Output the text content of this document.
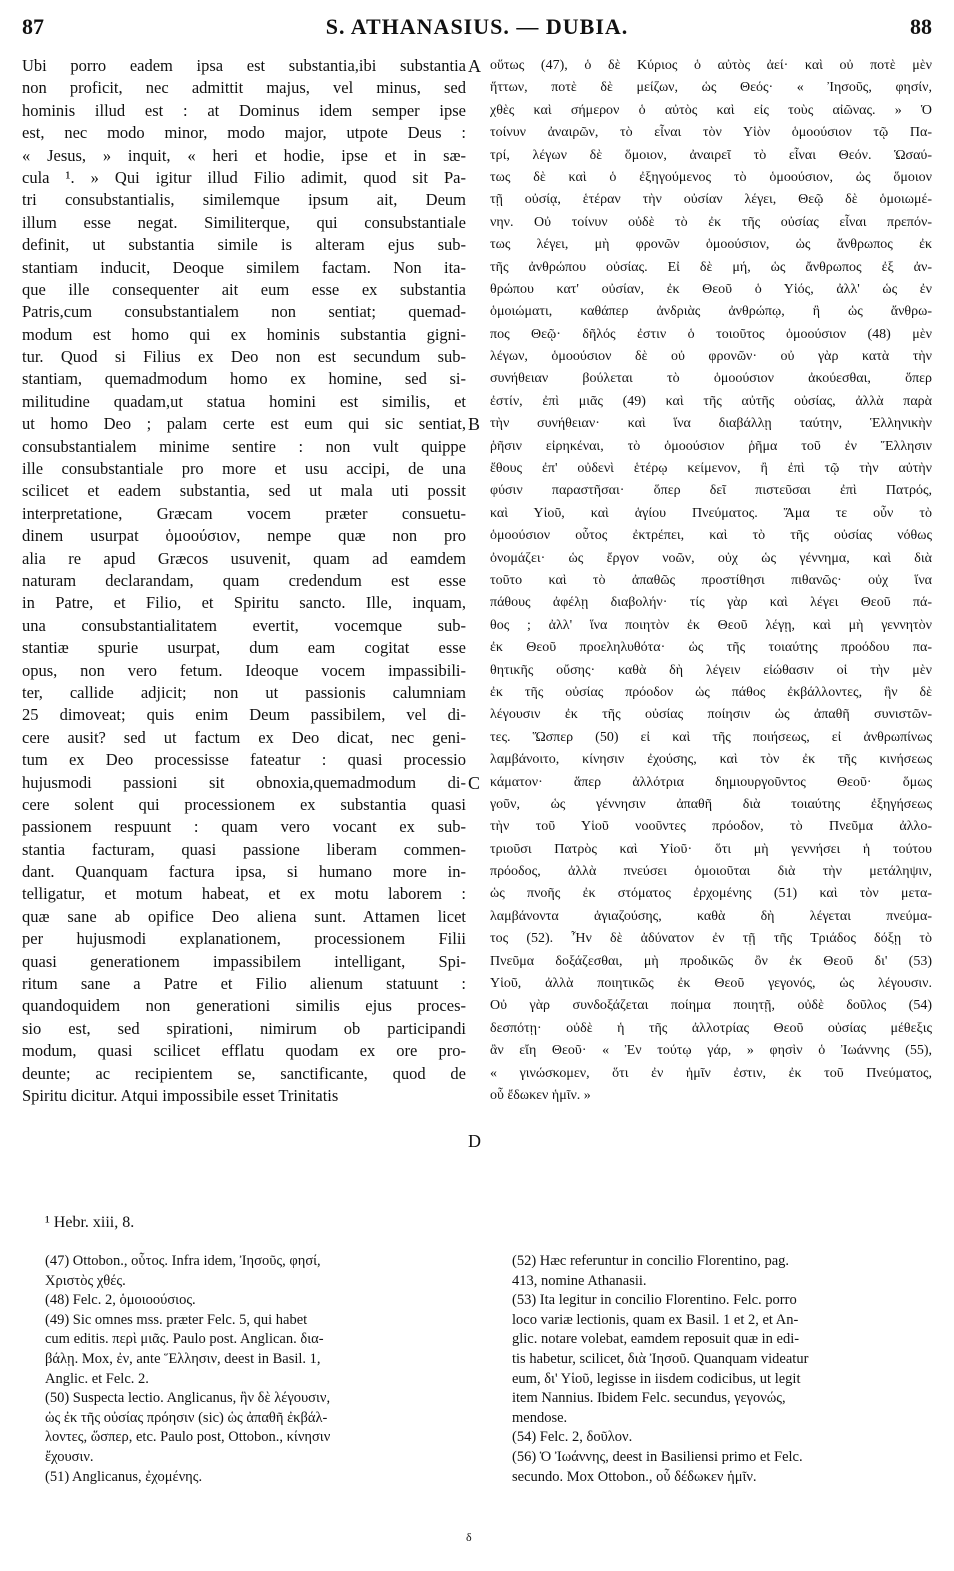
87	S. ATHANASIUS. — DUBIA.	88
Ubi porro eadem ipsa est substantia,ibi substantia
non proficit, nec admittit majus, vel minus, sed
hominis illud est : at Dominus idem semper ipse
est, nec modo minor, modo major, utpote Deus :
« Jesus, » inquit, « heri et hodie, ipse et in sæ-
cula ¹. » Qui igitur illud Filio adimit, quod sit Pa-
tri consubstantialis, similemque ipsum ait, Deum
illum esse negat. Similiterque, qui consubstantiale
definit, ut substantia simile is alteram ejus sub-
stantiam inducit, Deoque similem factam. Non ita-
que ille consequenter ait eum esse ex substantia
Patris,cum consubstantialem non sentiat; quemad-
modum est homo qui ex hominis substantia gigni-
tur. Quod si Filius ex Deo non est secundum sub-
stantiam, quemadmodum homo ex homine, sed si-
militudine quadam,ut statua homini est similis, et
ut homo Deo ; palam certe est eum qui sic sentiat,
consubstantialem minime sentire : non vult quippe
ille consubstantiale pro more et usu accipi, de una
scilicet et eadem substantia, sed ut mala uti possit
interpretatione, Græcam vocem præter consuetu-
dinem usurpat ὁμοούσιον, nempe quæ non pro
alia re apud Græcos usuvenit, quam ad eamdem
naturam declarandam, quam credendum est esse
in Patre, et Filio, et Spiritu sancto. Ille, inquam,
una consubstantialitatem evertit, vocemque sub-
stantiæ spurie usurpat, dum eam cogitat esse
opus, non vero fetum. Ideoque vocem impassibili-
ter, callide adjicit; non ut passionis calumniam
25 dimoveat; quis enim Deum passibilem, vel di-
cere ausit? sed ut factum ex Deo dicat, nec geni-
tum ex Deo processisse fateatur : quasi processio
hujusmodi passioni sit obnoxia,quemadmodum di-
cere solent qui processionem ex substantia quasi
passionem respuunt : quam vero vocant ex sub-
stantia facturam, quasi passione liberam commen-
dant. Quanquam factura ipsa, si humano more in-
telligatur, et motum habeat, et ex motu laborem :
quæ sane ab opifice Deo aliena sunt. Attamen licet
per hujusmodi explanationem, processionem Filii
quasi generationem impassibilem intelligant, Spi-
ritum sane a Patre et Filio alienum statuunt :
quandoquidem non generationi similis ejus proces-
sio est, sed spirationi, nimirum ob participandi
modum, quasi scilicet efflatu quodam ex ore pro-
deunte; ac recipientem se, sanctificante, quod de
Spiritu dicitur. Atqui impossibile esset Trinitatis
οὕτως (47), ὁ δὲ Κύριος ὁ αὐτὸς ἀεί· καὶ οὐ ποτὲ μὲν
ἥττων, ποτὲ δὲ μείζων, ὡς Θεός· « Ἰησοῦς, φησίν,
χθὲς καὶ σήμερον ὁ αὐτὸς καὶ εἰς τοὺς αἰῶνας. » Ὁ
τοίνυν ἀναιρῶν, τὸ εἶναι τὸν Υἱὸν ὁμοούσιον τῷ Πα-
τρί, λέγων δὲ ὅμοιον, ἀναιρεῖ τὸ εἶναι Θεόν. Ὡσαύ-
τως δὲ καὶ ὁ ἐξηγούμενος τὸ ὁμοούσιον, ὡς ὅμοιον
τῇ οὐσίᾳ, ἑτέραν τὴν οὐσίαν λέγει, Θεῷ δὲ ὁμοιωμέ-
νην. Οὐ τοίνυν οὐδὲ τὸ ἐκ τῆς οὐσίας εἶναι πρεπόν-
τως λέγει, μὴ φρονῶν ὁμοούσιον, ὡς ἄνθρωπος ἐκ
τῆς ἀνθρώπου οὐσίας. Εἰ δὲ μή, ὡς ἄνθρωπος ἐξ ἀν-
θρώπου κατ' οὐσίαν, ἐκ Θεοῦ ὁ Υἱός, ἀλλ' ὡς ἐν
ὁμοιώματι, καθάπερ ἀνδριὰς ἀνθρώπῳ, ἢ ὡς ἄνθρω-
πος Θεῷ· δῆλός ἐστιν ὁ τοιοῦτος ὁμοούσιον (48) μὲν
λέγων, ὁμοούσιον δὲ οὐ φρονῶν· οὐ γὰρ κατὰ τὴν
συνήθειαν βούλεται τὸ ὁμοούσιον ἀκούεσθαι, ὅπερ
ἐστίν, ἐπὶ μιᾶς (49) καὶ τῆς αὐτῆς οὐσίας, ἀλλὰ παρὰ
τὴν συνήθειαν· καὶ ἵνα διαβάλλῃ ταύτην, Ἑλληνικὴν
ῥῆσιν εἰρηκέναι, τὸ ὁμοούσιον ῥῆμα τοῦ ἐν Ἕλλησιν
ἔθους ἐπ' οὐδενὶ ἑτέρῳ κείμενον, ἢ ἐπὶ τῷ τὴν αὐτὴν
φύσιν παραστῆσαι· ὅπερ δεῖ πιστεῦσαι ἐπὶ Πατρός,
καὶ Υἱοῦ, καὶ ἁγίου Πνεύματος. Ἅμα τε οὖν τὸ
ὁμοούσιον οὗτος ἐκτρέπει, καὶ τὸ τῆς οὐσίας νόθως
ὀνομάζει· ὡς ἔργον νοῶν, οὐχ ὡς γέννημα, καὶ διὰ
τοῦτο καὶ τὸ ἀπαθῶς προστίθησι πιθανῶς· οὐχ ἵνα
πάθους ἀφέλῃ διαβολήν· τίς γὰρ καὶ λέγει Θεοῦ πά-
θος ; ἀλλ' ἵνα ποιητὸν ἐκ Θεοῦ λέγῃ, καὶ μὴ γεννητὸν
ἐκ Θεοῦ προεληλυθότα· ὡς τῆς τοιαύτης προόδου πα-
θητικῆς οὔσης· καθὰ δὴ λέγειν εἰώθασιν οἱ τὴν μὲν
ἐκ τῆς οὐσίας πρόοδον ὡς πάθος ἐκβάλλοντες, ἣν δὲ
λέγουσιν ἐκ τῆς οὐσίας ποίησιν ὡς ἀπαθῆ συνιστῶν-
τες. Ὥσπερ (50) εἰ καὶ τῆς ποιήσεως, εἰ ἀνθρωπίνως
λαμβάνοιτο, κίνησιν ἐχούσης, καὶ τὸν ἐκ τῆς κινήσεως
κάματον· ἅπερ ἀλλότρια δημιουργοῦντος Θεοῦ· ὅμως
γοῦν, ὡς γέννησιν ἀπαθῆ διὰ τοιαύτης ἐξηγήσεως
τὴν τοῦ Υἱοῦ νοοῦντες πρόοδον, τὸ Πνεῦμα ἀλλο-
τριοῦσι Πατρὸς καὶ Υἱοῦ· ὅτι μὴ γεννήσει ἡ τούτου
πρόοδος, ἀλλὰ πνεύσει ὁμοιοῦται διὰ τὴν μετάληψιν,
ὡς πνοῆς ἐκ στόματος ἐρχομένης (51) καὶ τὸν μετα-
λαμβάνοντα ἁγιαζούσης, καθὰ δὴ λέγεται πνεύμα-
τος (52). Ἦν δὲ ἀδύνατον ἐν τῇ τῆς Τριάδος δόξῃ τὸ
Πνεῦμα δοξάζεσθαι, μὴ προδικῶς ὂν ἐκ Θεοῦ δι' (53)
Υἱοῦ, ἀλλὰ ποιητικῶς ἐκ Θεοῦ γεγονός, ὡς λέγουσιν.
Οὐ γὰρ συνδοξάζεται ποίημα ποιητῇ, οὐδὲ δοῦλος (54)
δεσπότῃ· οὐδὲ ἡ τῆς ἀλλοτρίας Θεοῦ οὐσίας μέθεξις
ἂν εἴη Θεοῦ· « Ἐν τούτῳ γάρ, » φησὶν ὁ Ἰωάννης (55),
« γινώσκομεν, ὅτι ἐν ἡμῖν ἐστιν, ἐκ τοῦ Πνεύματος,
οὗ ἔδωκεν ἡμῖν. »
A
B
C
D
¹ Hebr. xiii, 8.
(47) Ottobon., οὗτος. Infra idem, Ἰησοῦς, φησί,
Χριστὸς χθές.
(48) Felc. 2, ὁμοιοούσιος.
(49) Sic omnes mss. præter Felc. 5, qui habet
cum editis. περὶ μιᾶς. Paulo post. Anglican. δια-
βάλῃ. Mox, ἐν, ante Ἕλλησιν, deest in Basil. 1,
Anglic. et Felc. 2.
(50) Suspecta lectio. Anglicanus, ἣν δὲ λέγουσιν,
ὡς ἐκ τῆς οὐσίας πρόησιν (sic) ὡς ἀπαθῆ ἐκβάλ-
λοντες, ὥσπερ, etc. Paulo post, Ottobon., κίνησιν
ἔχουσιν.
(51) Anglicanus, ἐχομένης.
(52) Hæc referuntur in concilio Florentino, pag.
413, nomine Athanasii.
(53) Ita legitur in concilio Florentino. Felc. porro
loco variæ lectionis, quam ex Basil. 1 et 2, et An-
glic. notare volebat, eamdem reposuit quæ in edi-
tis habetur, scilicet, διὰ Ἰησοῦ. Quanquam videatur
eum, δι' Υἱοῦ, legisse in iisdem codicibus, ut legit
item Nannius. Ibidem Felc. secundus, γεγονώς,
mendose.
(54) Felc. 2, δοῦλον.
(56) Ὁ Ἰωάννης, deest in Basiliensi primo et Felc.
secundo. Mox Ottobon., οὗ δέδωκεν ἡμῖν.
δ
